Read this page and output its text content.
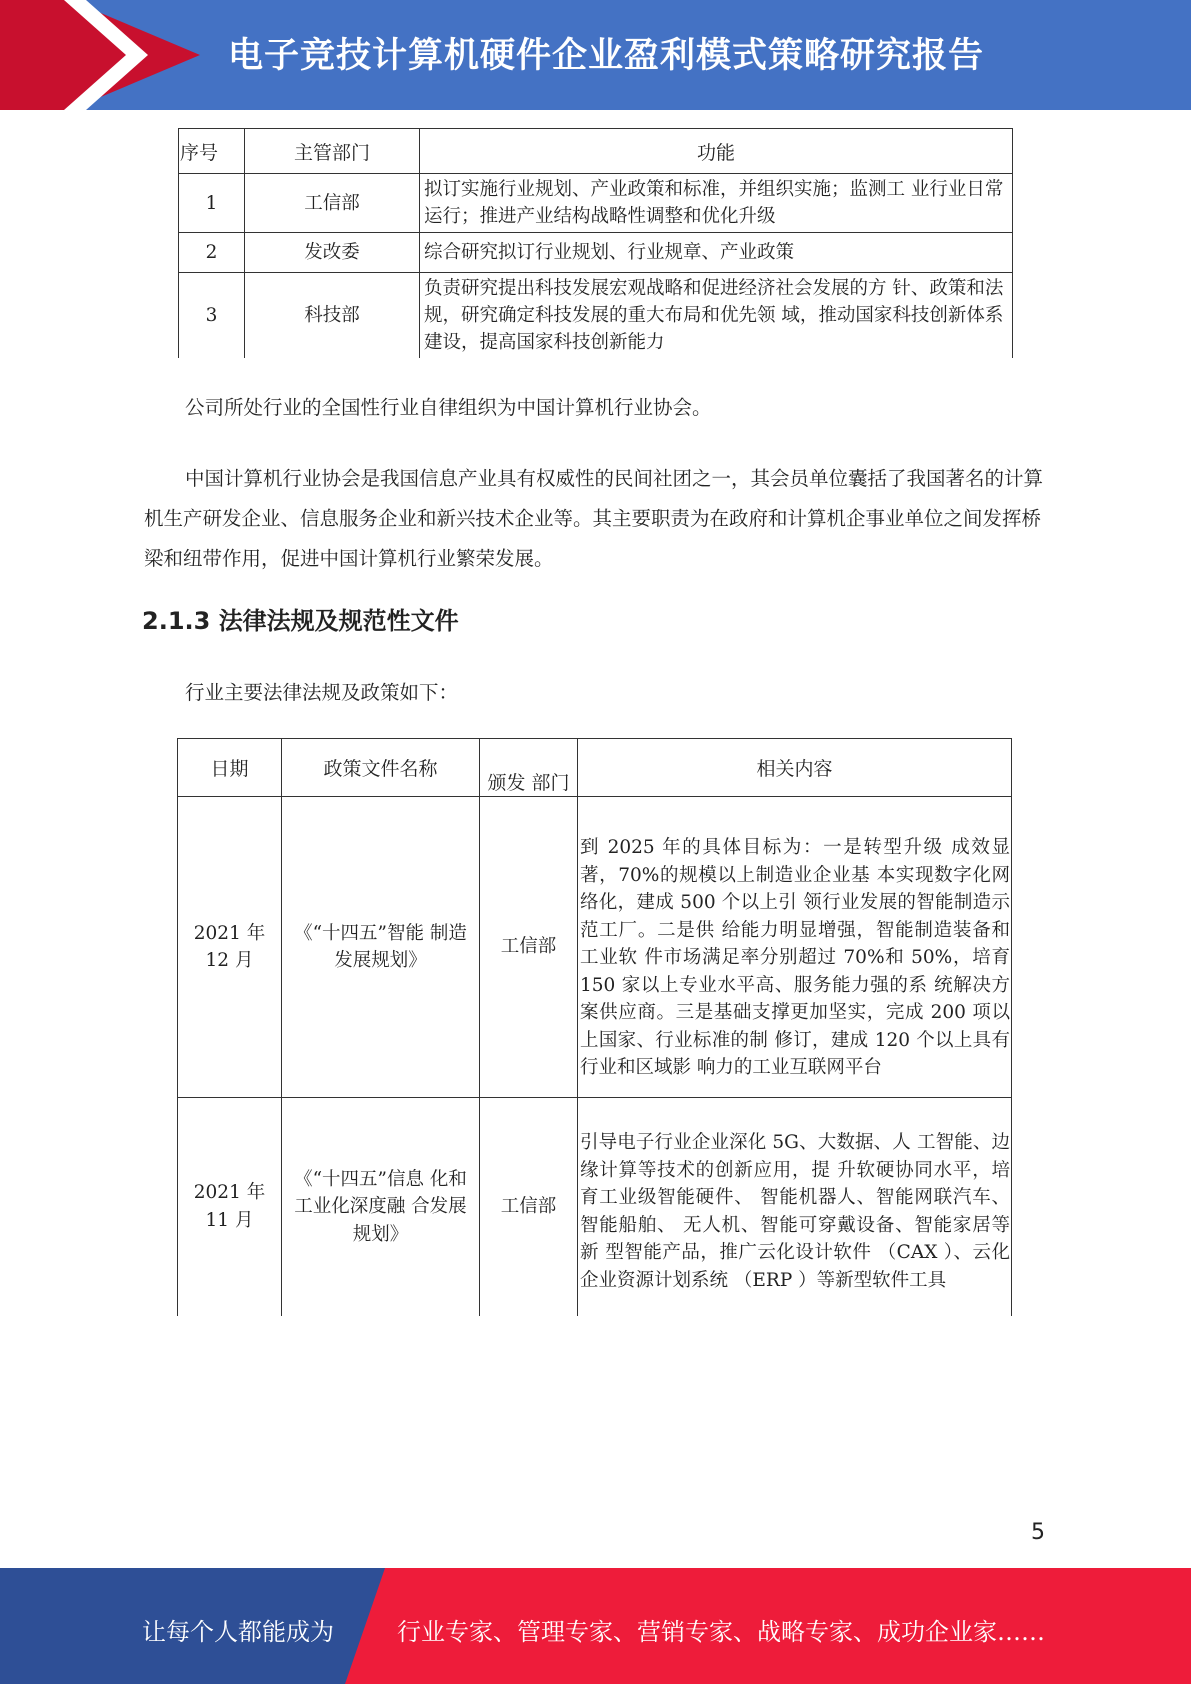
电子竞技计算机硬件企业盈利模式策略研究报告
序号	主管部门	功能
1	工信部	拟订实施行业规划、产业政策和标准，并组织实施；监测工 业行业日常运行；推进产业结构战略性调整和优化升级
2	发改委	综合研究拟订行业规划、行业规章、产业政策
3	科技部	负责研究提出科技发展宏观战略和促进经济社会发展的方 针、政策和法规，研究确定科技发展的重大布局和优先领 域，推动国家科技创新体系建设，提高国家科技创新能力

公司所处行业的全国性行业自律组织为中国计算机行业协会。

中国计算机行业协会是我国信息产业具有权威性的民间社团之一，其会员单位囊括了我国著名的计算机生产研发企业、信息服务企业和新兴技术企业等。其主要职责为在政府和计算机企事业单位之间发挥桥梁和纽带作用，促进中国计算机行业繁荣发展。

2.1.3 法律法规及规范性文件

行业主要法律法规及政策如下：

日期	政策文件名称	颁发 部门	相关内容
2021 年 12 月	《“十四五”智能 制造发展规划》	工信部	到 2025 年的具体目标为：一是转型升级 成效显著，70%的规模以上制造业企业基 本实现数字化网络化，建成 500 个以上引 领行业发展的智能制造示范工厂。二是供 给能力明显增强，智能制造装备和工业软 件市场满足率分别超过 70%和 50%，培育 150 家以上专业水平高、服务能力强的系 统解决方案供应商。三是基础支撑更加坚实，完成 200 项以上国家、行业标准的制 修订，建成 120 个以上具有行业和区域影 响力的工业互联网平台
2021 年 11 月	《“十四五”信息 化和工业化深度融 合发展规划》	工信部	引导电子行业企业深化 5G、大数据、人 工智能、边缘计算等技术的创新应用，提 升软硬协同水平，培育工业级智能硬件、 智能机器人、智能网联汽车、智能船舶、 无人机、智能可穿戴设备、智能家居等新 型智能产品，推广云化设计软件 （CAX ）、云化企业资源计划系统 （ERP ）等新型软件工具
5
让每个人都能成为	行业专家、管理专家、营销专家、战略专家、成功企业家……
